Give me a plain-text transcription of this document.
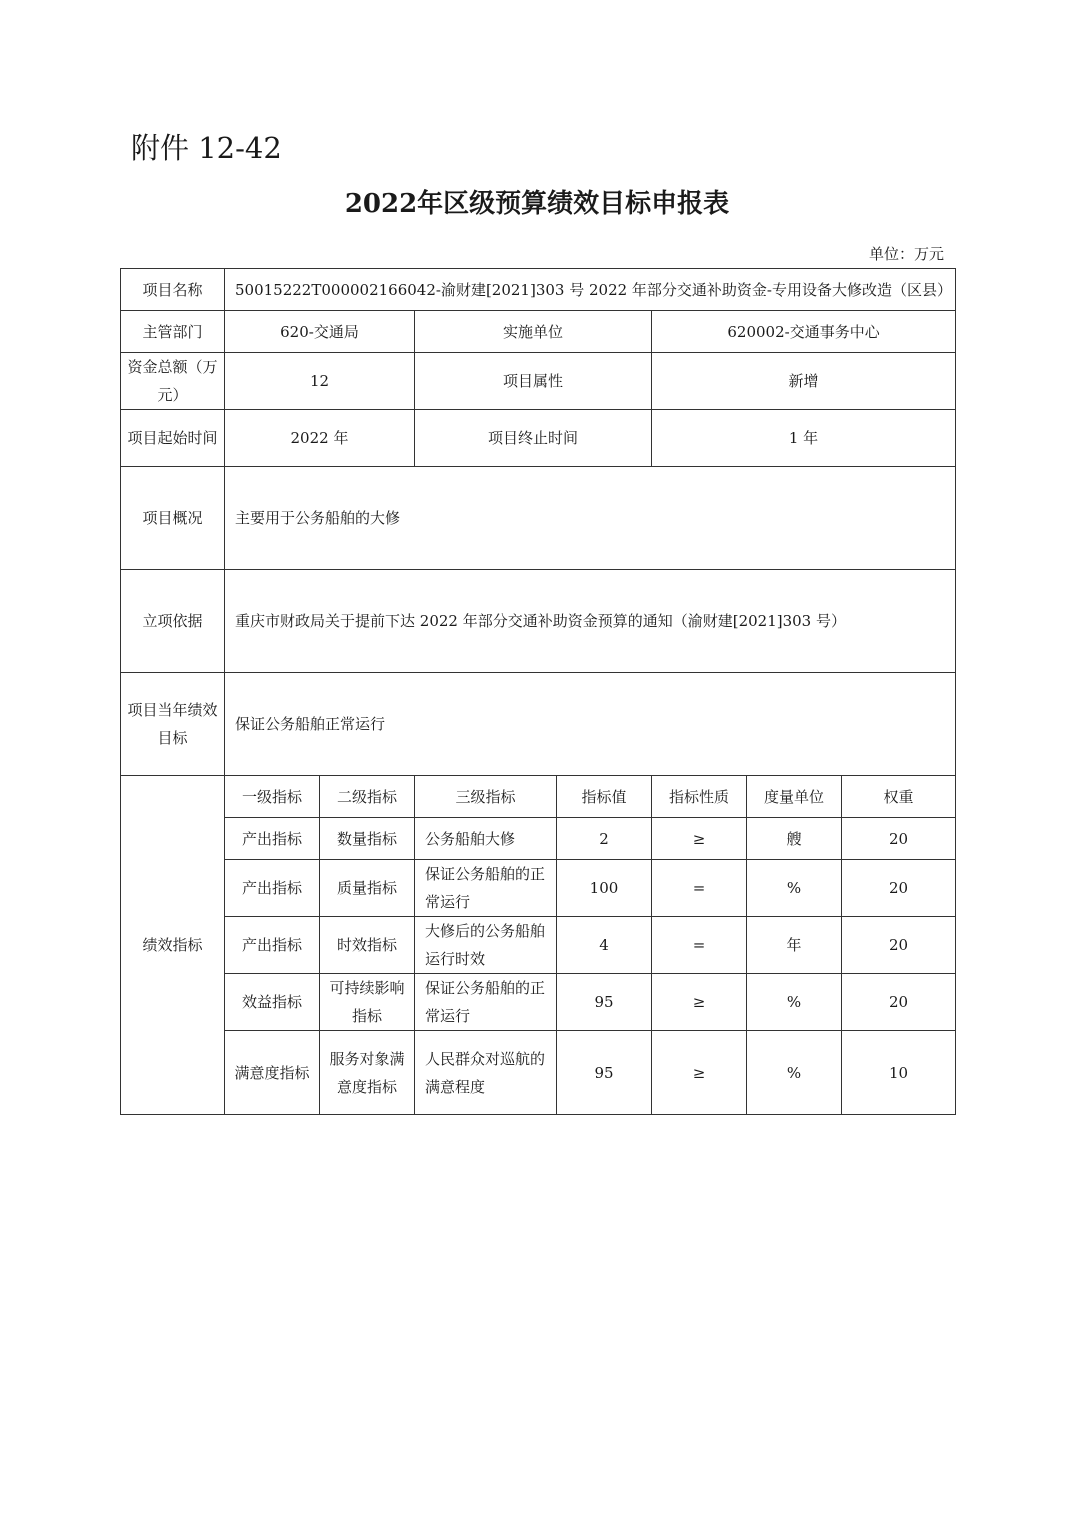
附件 12-42
2022年区级预算绩效目标申报表
单位：万元
项目名称	50015222T000002166042-渝财建[2021]303 号 2022 年部分交通补助资金-专用设备大修改造（区县）						
主管部门	620-交通局		实施单位		620002-交通事务中心		
资金总额（万元）	12		项目属性		新增		
项目起始时间	2022 年		项目终止时间		1 年		
项目概况	主要用于公务船舶的大修						
立项依据	重庆市财政局关于提前下达 2022 年部分交通补助资金预算的通知（渝财建[2021]303 号）						
项目当年绩效目标	保证公务船舶正常运行						
绩效指标	一级指标	二级指标	三级指标	指标值	指标性质	度量单位	权重
	产出指标	数量指标	公务船舶大修	2	≥	艘	20
	产出指标	质量指标	保证公务船舶的正常运行	100	=	%	20
	产出指标	时效指标	大修后的公务船舶运行时效	4	=	年	20
	效益指标	可持续影响指标	保证公务船舶的正常运行	95	≥	%	20
	满意度指标	服务对象满意度指标	人民群众对巡航的满意程度	95	≥	%	10
